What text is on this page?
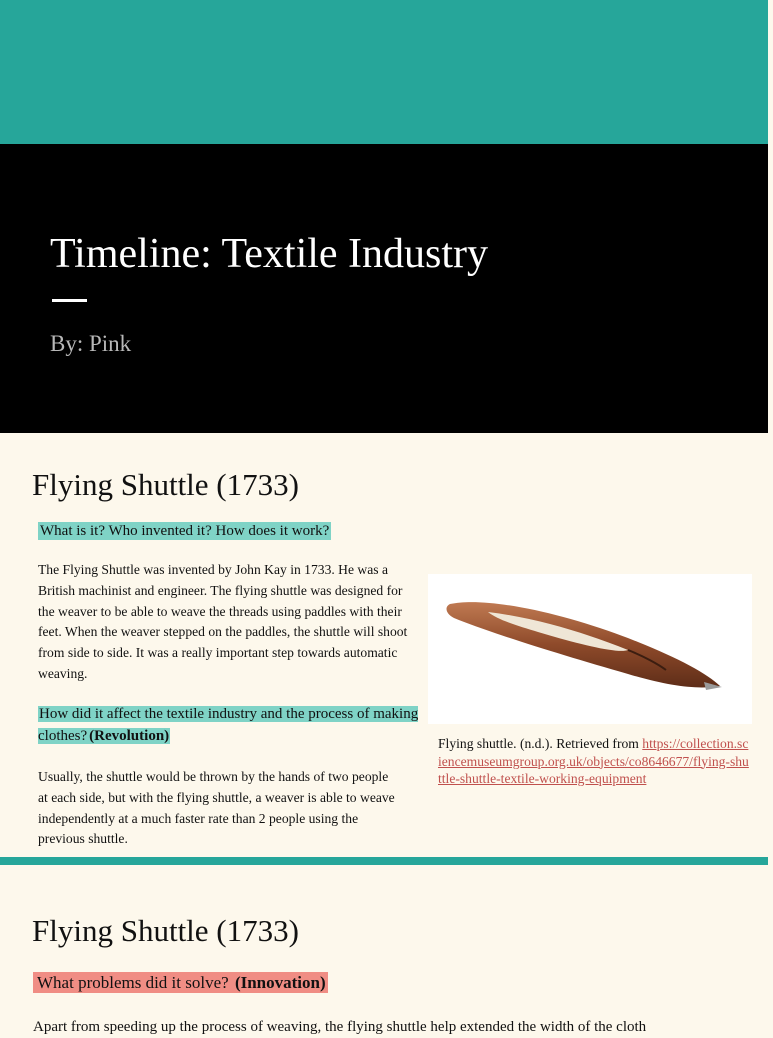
Timeline: Textile Industry
By: Pink
Flying Shuttle (1733)
What is it? Who invented it? How does it work?
The Flying Shuttle was invented by John Kay in 1733. He was a British machinist and engineer. The flying shuttle was designed for the weaver to be able to weave the threads using paddles with their feet. When the weaver stepped on the paddles, the shuttle will shoot from side to side. It was a really important step towards automatic weaving.
How did it affect the textile industry and the process of making clothes? (Revolution)
Usually, the shuttle would be thrown by the hands of two people at each side, but with the flying shuttle, a weaver is able to weave independently at a much faster rate than 2 people using the previous shuttle.
Flying shuttle. (n.d.). Retrieved from https://collection.sciencemuseumgroup.org.uk/objects/co8646677/flying-shuttle-shuttle-textile-working-equipment
Flying Shuttle (1733)
What problems did it solve? (Innovation)
Apart from speeding up the process of weaving, the flying shuttle help extended the width of the cloth
